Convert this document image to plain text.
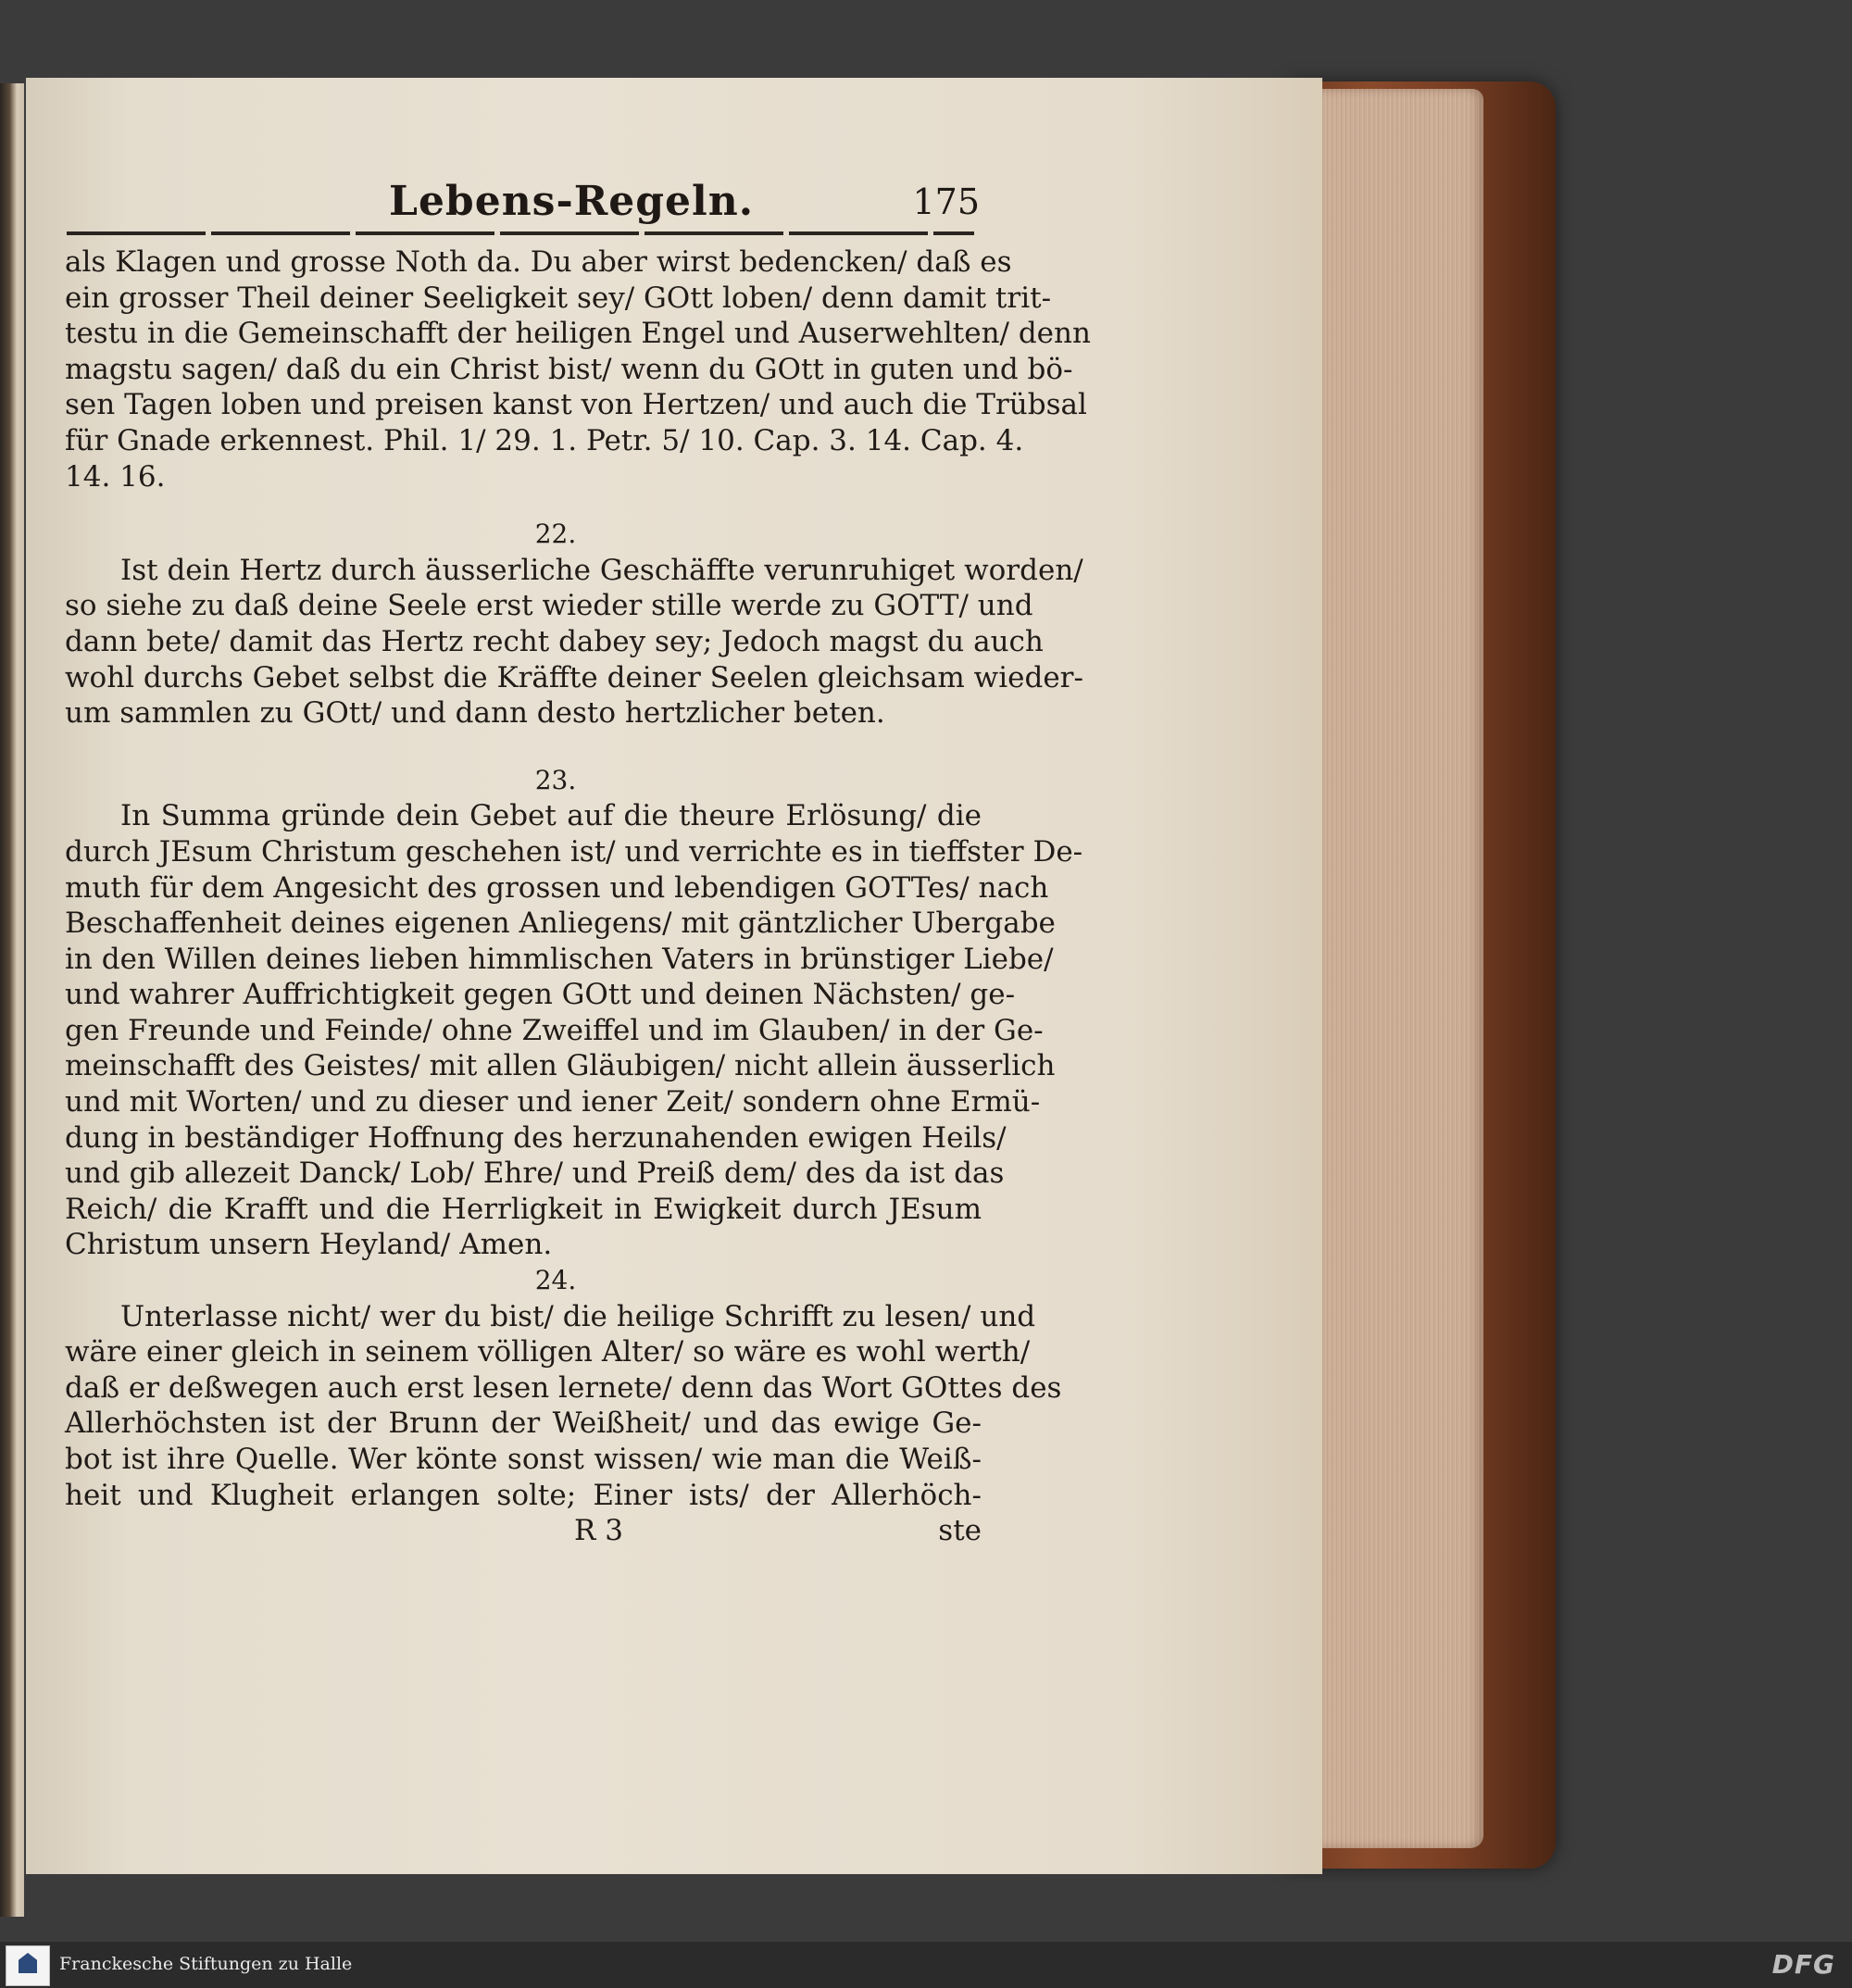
Lebens-Regeln.	175
als Klagen und grosse Noth da. Du aber wirst bedencken/ daß es
ein grosser Theil deiner Seeligkeit sey/ GOtt loben/ denn damit trit-
testu in die Gemeinschafft der heiligen Engel und Auserwehlten/ denn
magstu sagen/ daß du ein Christ bist/ wenn du GOtt in guten und bö-
sen Tagen loben und preisen kanst von Hertzen/ und auch die Trübsal
für Gnade erkennest. Phil. 1/ 29. 1. Petr. 5/ 10. Cap. 3. 14. Cap. 4.
14. 16.
22.
Ist dein Hertz durch äusserliche Geschäffte verunruhiget worden/
so siehe zu daß deine Seele erst wieder stille werde zu GOTT/ und
dann bete/ damit das Hertz recht dabey sey; Jedoch magst du auch
wohl durchs Gebet selbst die Kräffte deiner Seelen gleichsam wieder-
um sammlen zu GOtt/ und dann desto hertzlicher beten.
23.
In Summa gründe dein Gebet auf die theure Erlösung/ die
durch JEsum Christum geschehen ist/ und verrichte es in tieffster De-
muth für dem Angesicht des grossen und lebendigen GOTTes/ nach
Beschaffenheit deines eigenen Anliegens/ mit gäntzlicher Ubergabe
in den Willen deines lieben himmlischen Vaters in brünstiger Liebe/
und wahrer Auffrichtigkeit gegen GOtt und deinen Nächsten/ ge-
gen Freunde und Feinde/ ohne Zweiffel und im Glauben/ in der Ge-
meinschafft des Geistes/ mit allen Gläubigen/ nicht allein äusserlich
und mit Worten/ und zu dieser und iener Zeit/ sondern ohne Ermü-
dung in beständiger Hoffnung des herzunahenden ewigen Heils/
und gib allezeit Danck/ Lob/ Ehre/ und Preiß dem/ des da ist das
Reich/ die Krafft und die Herrligkeit in Ewigkeit durch JEsum
Christum unsern Heyland/ Amen.
24.
Unterlasse nicht/ wer du bist/ die heilige Schrifft zu lesen/ und
wäre einer gleich in seinem völligen Alter/ so wäre es wohl werth/
daß er deßwegen auch erst lesen lernete/ denn das Wort GOttes des
Allerhöchsten ist der Brunn der Weißheit/ und das ewige Ge-
bot ist ihre Quelle. Wer könte sonst wissen/ wie man die Weiß-
heit und Klugheit erlangen solte; Einer ists/ der Allerhöch-
R 3	ste
Franckesche Stiftungen zu Halle	DFG
